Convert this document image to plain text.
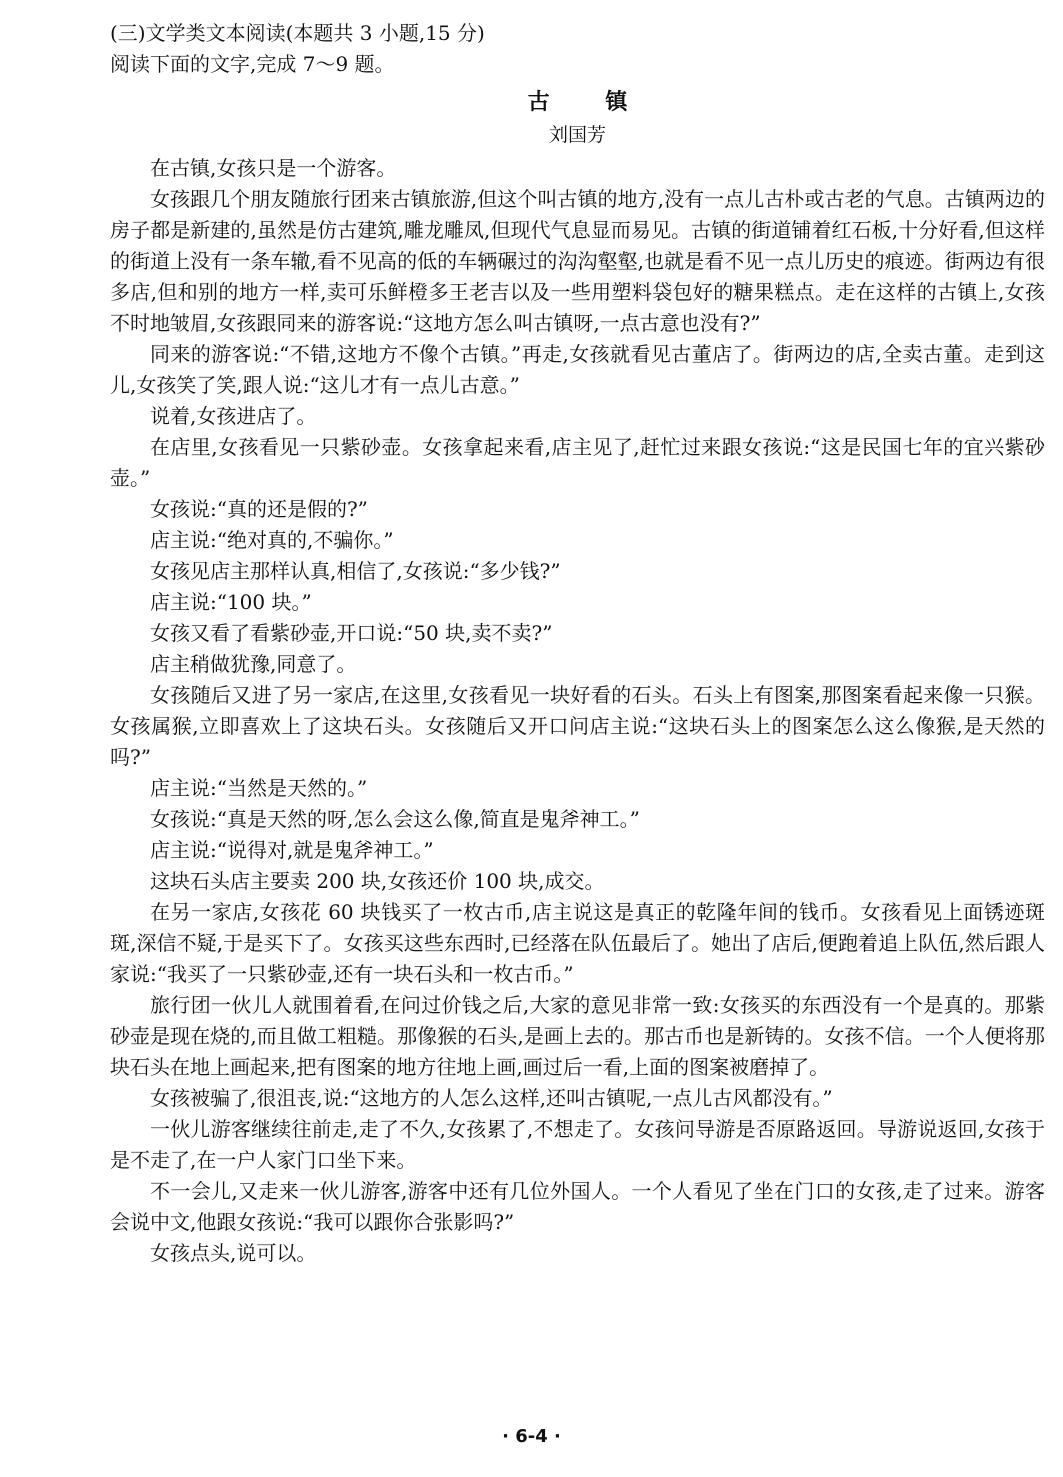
(三)文学类文本阅读(本题共 3 小题,15 分)
阅读下面的文字,完成 7～9 题。
古 镇
刘国芳

在古镇,女孩只是一个游客。

女孩跟几个朋友随旅行团来古镇旅游,但这个叫古镇的地方,没有一点儿古朴或古老的气息。古镇两边的房子都是新建的,虽然是仿古建筑,雕龙雕凤,但现代气息显而易见。古镇的街道铺着红石板,十分好看,但这样的街道上没有一条车辙,看不见高的低的车辆碾过的沟沟壑壑,也就是看不见一点儿历史的痕迹。街两边有很多店,但和别的地方一样,卖可乐鲜橙多王老吉以及一些用塑料袋包好的糖果糕点。走在这样的古镇上,女孩不时地皱眉,女孩跟同来的游客说:“这地方怎么叫古镇呀,一点古意也没有?”

同来的游客说:“不错,这地方不像个古镇。”再走,女孩就看见古董店了。街两边的店,全卖古董。走到这儿,女孩笑了笑,跟人说:“这儿才有一点儿古意。”

说着,女孩进店了。

在店里,女孩看见一只紫砂壶。女孩拿起来看,店主见了,赶忙过来跟女孩说:“这是民国七年的宜兴紫砂壶。”

女孩说:“真的还是假的?”

店主说:“绝对真的,不骗你。”

女孩见店主那样认真,相信了,女孩说:“多少钱?”

店主说:“100 块。”

女孩又看了看紫砂壶,开口说:“50 块,卖不卖?”

店主稍做犹豫,同意了。

女孩随后又进了另一家店,在这里,女孩看见一块好看的石头。石头上有图案,那图案看起来像一只猴。女孩属猴,立即喜欢上了这块石头。女孩随后又开口问店主说:“这块石头上的图案怎么这么像猴,是天然的吗?”

店主说:“当然是天然的。”

女孩说:“真是天然的呀,怎么会这么像,简直是鬼斧神工。”

店主说:“说得对,就是鬼斧神工。”

这块石头店主要卖 200 块,女孩还价 100 块,成交。

在另一家店,女孩花 60 块钱买了一枚古币,店主说这是真正的乾隆年间的钱币。女孩看见上面锈迹斑斑,深信不疑,于是买下了。女孩买这些东西时,已经落在队伍最后了。她出了店后,便跑着追上队伍,然后跟人家说:“我买了一只紫砂壶,还有一块石头和一枚古币。”

旅行团一伙儿人就围着看,在问过价钱之后,大家的意见非常一致:女孩买的东西没有一个是真的。那紫砂壶是现在烧的,而且做工粗糙。那像猴的石头,是画上去的。那古币也是新铸的。女孩不信。一个人便将那块石头在地上画起来,把有图案的地方往地上画,画过后一看,上面的图案被磨掉了。

女孩被骗了,很沮丧,说:“这地方的人怎么这样,还叫古镇呢,一点儿古风都没有。”

一伙儿游客继续往前走,走了不久,女孩累了,不想走了。女孩问导游是否原路返回。导游说返回,女孩于是不走了,在一户人家门口坐下来。

不一会儿,又走来一伙儿游客,游客中还有几位外国人。一个人看见了坐在门口的女孩,走了过来。游客会说中文,他跟女孩说:“我可以跟你合张影吗?”

女孩点头,说可以。

· 6-4 ·
